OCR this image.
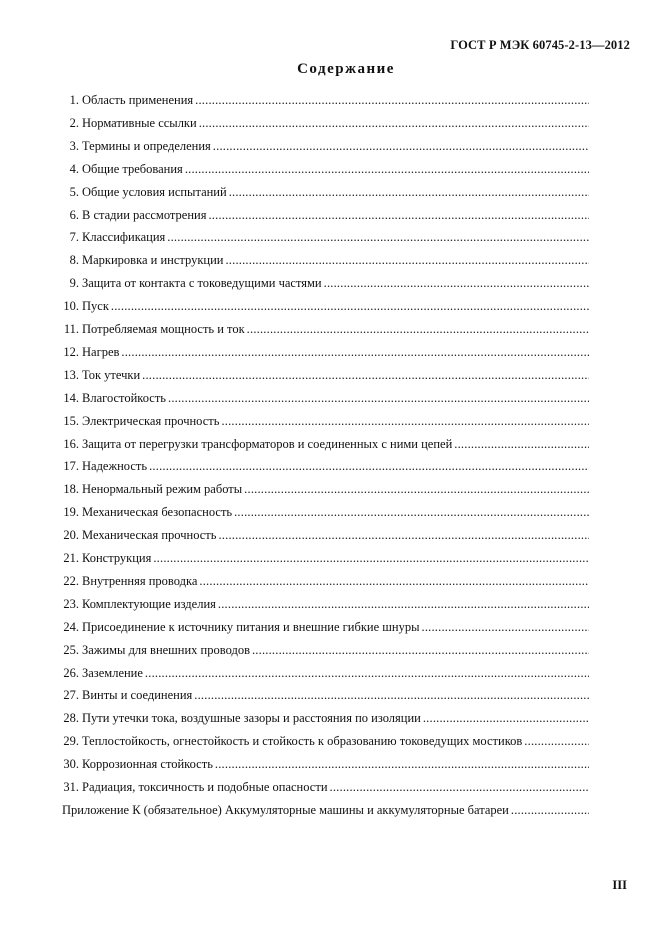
ГОСТ Р МЭК 60745-2-13—2012
Содержание
1. Область применения
.....
2. Нормативные ссылки
.....
3. Термины и определения
.....
4. Общие требования
.....
5. Общие условия испытаний
.....
6. В стадии рассмотрения
.....
7. Классификация
.....
8. Маркировка и инструкции
.....
9. Защита от контакта с токоведущими частями
.....
10. Пуск
.....
11. Потребляемая мощность и ток
.....
12. Нагрев
.....
13. Ток утечки
.....
14. Влагостойкость
.....
15. Электрическая прочность
.....
16. Защита от перегрузки трансформаторов и соединенных с ними цепей
.....
17. Надежность
.....
18. Ненормальный режим работы
.....
19. Механическая безопасность
.....
20. Механическая прочность
.....
21. Конструкция
.....
22. Внутренняя проводка
.....
23. Комплектующие изделия
.....
24. Присоединение к источнику питания и внешние гибкие шнуры
.....
25. Зажимы для внешних проводов
.....
26. Заземление
.....
27. Винты и соединения
.....
28. Пути утечки тока, воздушные зазоры и расстояния по изоляции
.....
29. Теплостойкость, огнестойкость и стойкость к образованию токоведущих мостиков
.....
30. Коррозионная стойкость
.....
31. Радиация, токсичность и подобные опасности
.....
Приложение К (обязательное) Аккумуляторные машины и аккумуляторные батареи
.....
III
